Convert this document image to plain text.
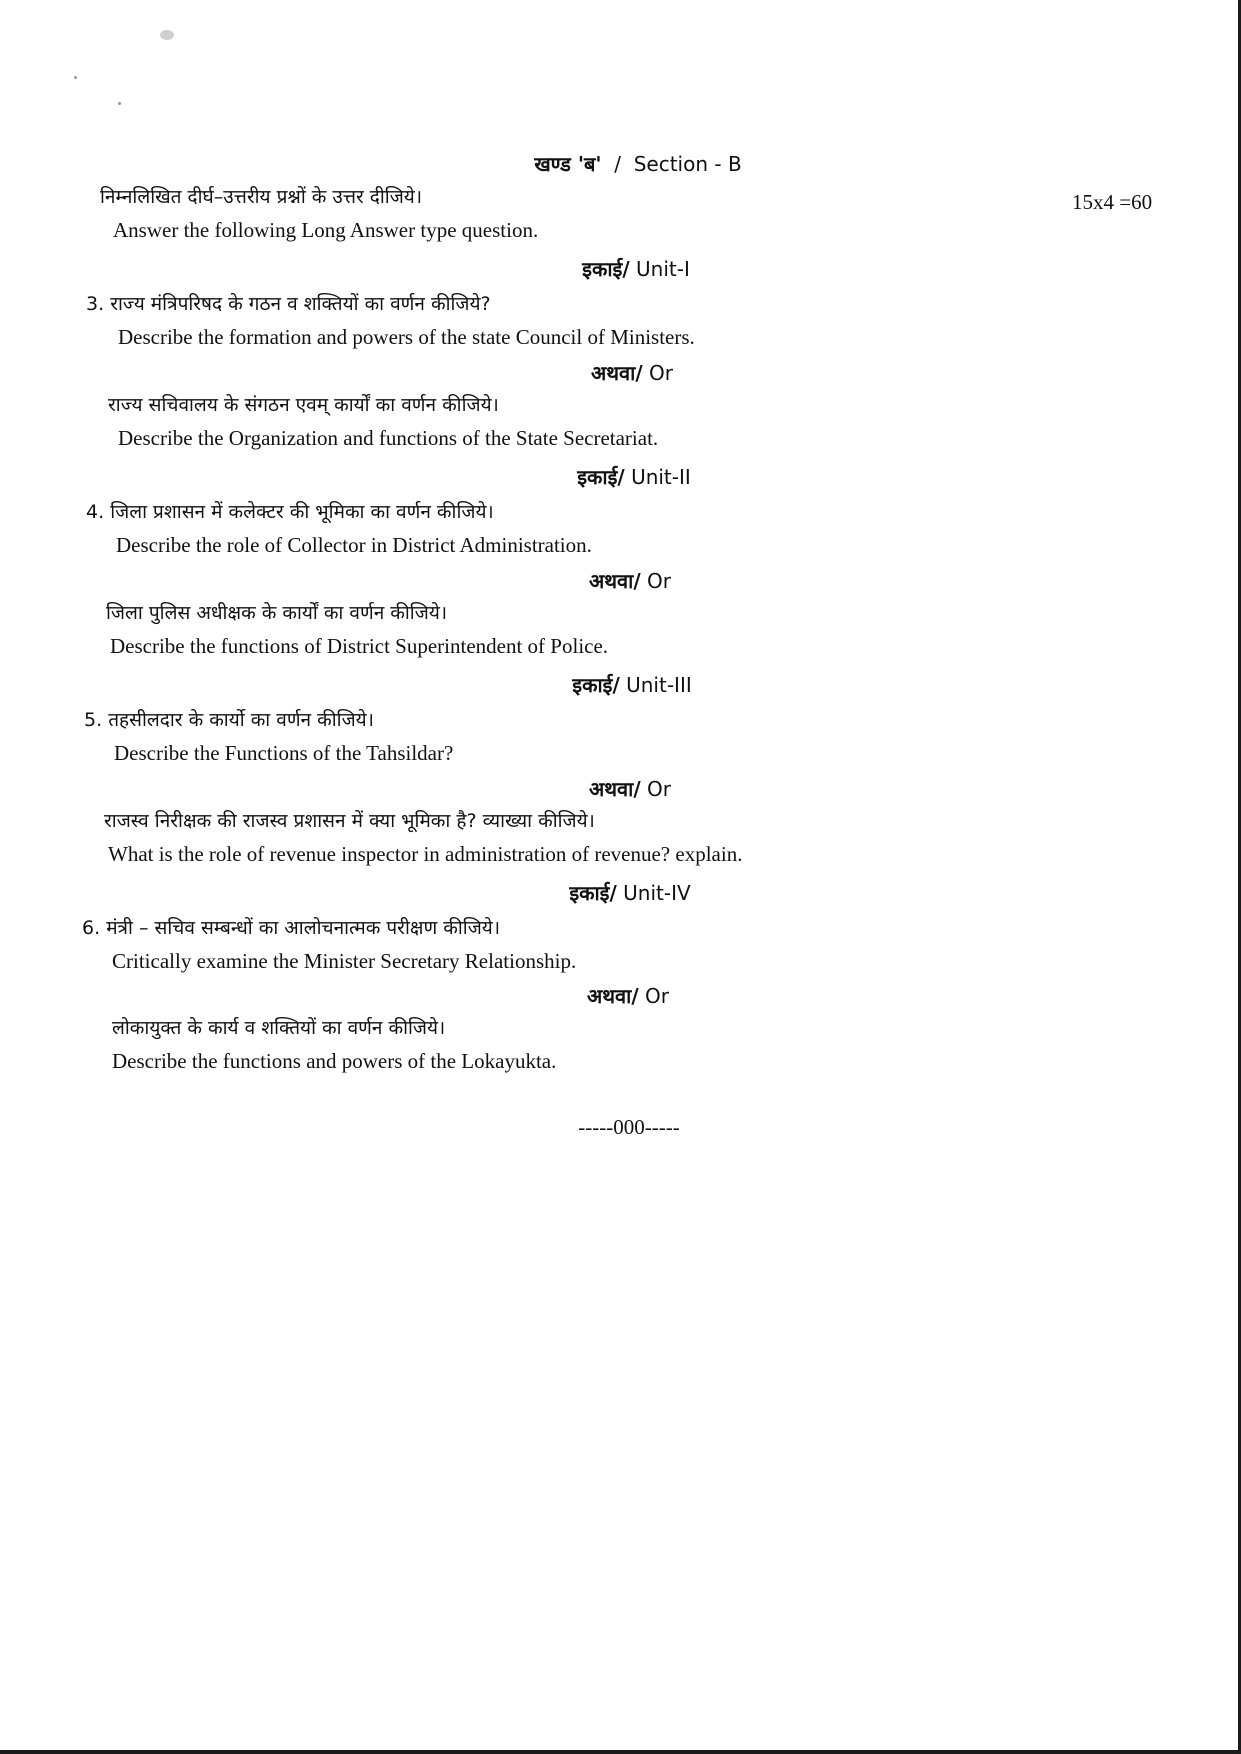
खण्ड 'ब' / Section - B
निम्नलिखित दीर्घ–उत्तरीय प्रश्नों के उत्तर दीजिये।	15x4 =60
Answer the following Long Answer type question.
इकाई/ Unit-I
3. राज्य मंत्रिपरिषद के गठन व शक्तियों का वर्णन कीजिये?
Describe the formation and powers of the state Council of Ministers.
अथवा/ Or
राज्य सचिवालय के संगठन एवम् कार्यों का वर्णन कीजिये।
Describe the Organization and functions of the State Secretariat.
इकाई/ Unit-II
4. जिला प्रशासन में कलेक्टर की भूमिका का वर्णन कीजिये।
Describe the role of Collector in District Administration.
अथवा/ Or
जिला पुलिस अधीक्षक के कार्यों का वर्णन कीजिये।
Describe the functions of District Superintendent of Police.
इकाई/ Unit-III
5. तहसीलदार के कार्यो का वर्णन कीजिये।
Describe the Functions of the Tahsildar?
अथवा/ Or
राजस्व निरीक्षक की राजस्व प्रशासन में क्या भूमिका है? व्याख्या कीजिये।
What is the role of revenue inspector in administration of revenue? explain.
इकाई/ Unit-IV
6. मंत्री – सचिव सम्बन्धों का आलोचनात्मक परीक्षण कीजिये।
Critically examine the Minister Secretary Relationship.
अथवा/ Or
लोकायुक्त के कार्य व शक्तियों का वर्णन कीजिये।
Describe the functions and powers of the Lokayukta.
-----000-----
